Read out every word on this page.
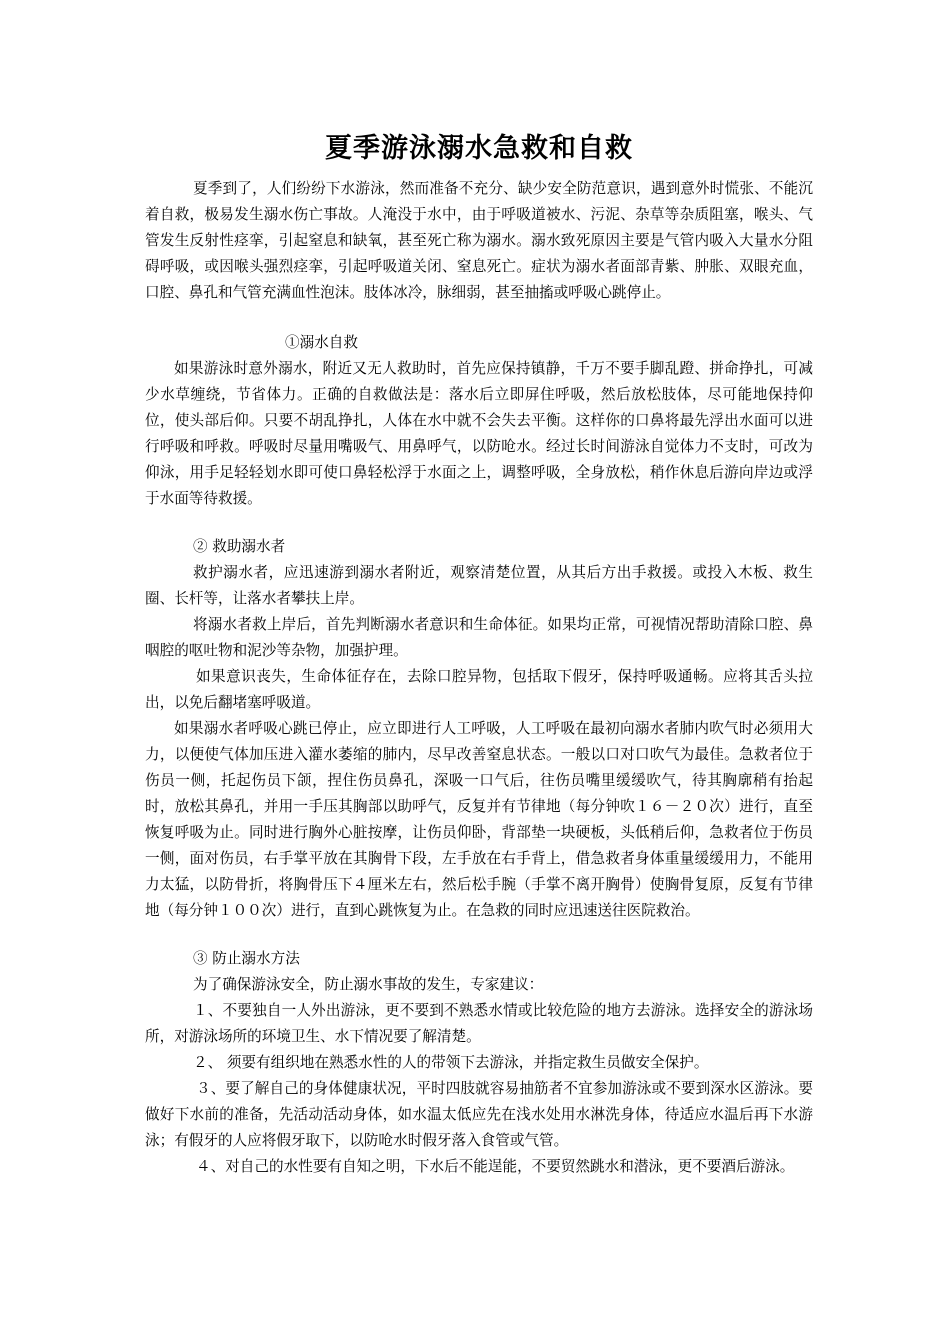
夏季游泳溺水急救和自救

夏季到了，人们纷纷下水游泳，然而准备不充分、缺少安全防范意识，遇到意外时慌张、不能沉着自救，极易发生溺水伤亡事故。人淹没于水中，由于呼吸道被水、污泥、杂草等杂质阻塞，喉头、气管发生反射性痉挛，引起窒息和缺氧，甚至死亡称为溺水。溺水致死原因主要是气管内吸入大量水分阻碍呼吸，或因喉头强烈痉挛，引起呼吸道关闭、窒息死亡。症状为溺水者面部青紫、肿胀、双眼充血，口腔、鼻孔和气管充满血性泡沫。肢体冰冷，脉细弱，甚至抽搐或呼吸心跳停止。

①溺水自救

如果游泳时意外溺水，附近又无人救助时，首先应保持镇静，千万不要手脚乱蹬、拼命挣扎，可减少水草缠绕，节省体力。正确的自救做法是：落水后立即屏住呼吸，然后放松肢体，尽可能地保持仰位，使头部后仰。只要不胡乱挣扎，人体在水中就不会失去平衡。这样你的口鼻将最先浮出水面可以进行呼吸和呼救。呼吸时尽量用嘴吸气、用鼻呼气，以防呛水。经过长时间游泳自觉体力不支时，可改为仰泳，用手足轻轻划水即可使口鼻轻松浮于水面之上，调整呼吸，全身放松，稍作休息后游向岸边或浮于水面等待救援。

② 救助溺水者

救护溺水者，应迅速游到溺水者附近，观察清楚位置，从其后方出手救援。或投入木板、救生圈、长杆等，让落水者攀扶上岸。

将溺水者救上岸后，首先判断溺水者意识和生命体征。如果均正常，可视情况帮助清除口腔、鼻咽腔的呕吐物和泥沙等杂物，加强护理。

如果意识丧失，生命体征存在，去除口腔异物，包括取下假牙，保持呼吸通畅。应将其舌头拉出，以免后翻堵塞呼吸道。

如果溺水者呼吸心跳已停止，应立即进行人工呼吸，人工呼吸在最初向溺水者肺内吹气时必须用大力，以便使气体加压进入灌水萎缩的肺内，尽早改善窒息状态。一般以口对口吹气为最佳。急救者位于伤员一侧，托起伤员下颌，捏住伤员鼻孔，深吸一口气后，往伤员嘴里缓缓吹气，待其胸廓稍有抬起时，放松其鼻孔，并用一手压其胸部以助呼气，反复并有节律地（每分钟吹１６－２０次）进行，直至恢复呼吸为止。同时进行胸外心脏按摩，让伤员仰卧，背部垫一块硬板，头低稍后仰，急救者位于伤员一侧，面对伤员，右手掌平放在其胸骨下段，左手放在右手背上，借急救者身体重量缓缓用力，不能用力太猛，以防骨折，将胸骨压下４厘米左右，然后松手腕（手掌不离开胸骨）使胸骨复原，反复有节律地（每分钟１００次）进行，直到心跳恢复为止。在急救的同时应迅速送往医院救治。

③ 防止溺水方法

为了确保游泳安全，防止溺水事故的发生，专家建议：

１、不要独自一人外出游泳，更不要到不熟悉水情或比较危险的地方去游泳。选择安全的游泳场所，对游泳场所的环境卫生、水下情况要了解清楚。

２、 须要有组织地在熟悉水性的人的带领下去游泳，并指定救生员做安全保护。

３、要了解自己的身体健康状况，平时四肢就容易抽筋者不宜参加游泳或不要到深水区游泳。要做好下水前的准备，先活动活动身体，如水温太低应先在浅水处用水淋洗身体，待适应水温后再下水游泳；有假牙的人应将假牙取下，以防呛水时假牙落入食管或气管。

４、对自己的水性要有自知之明，下水后不能逞能，不要贸然跳水和潜泳，更不要酒后游泳。
